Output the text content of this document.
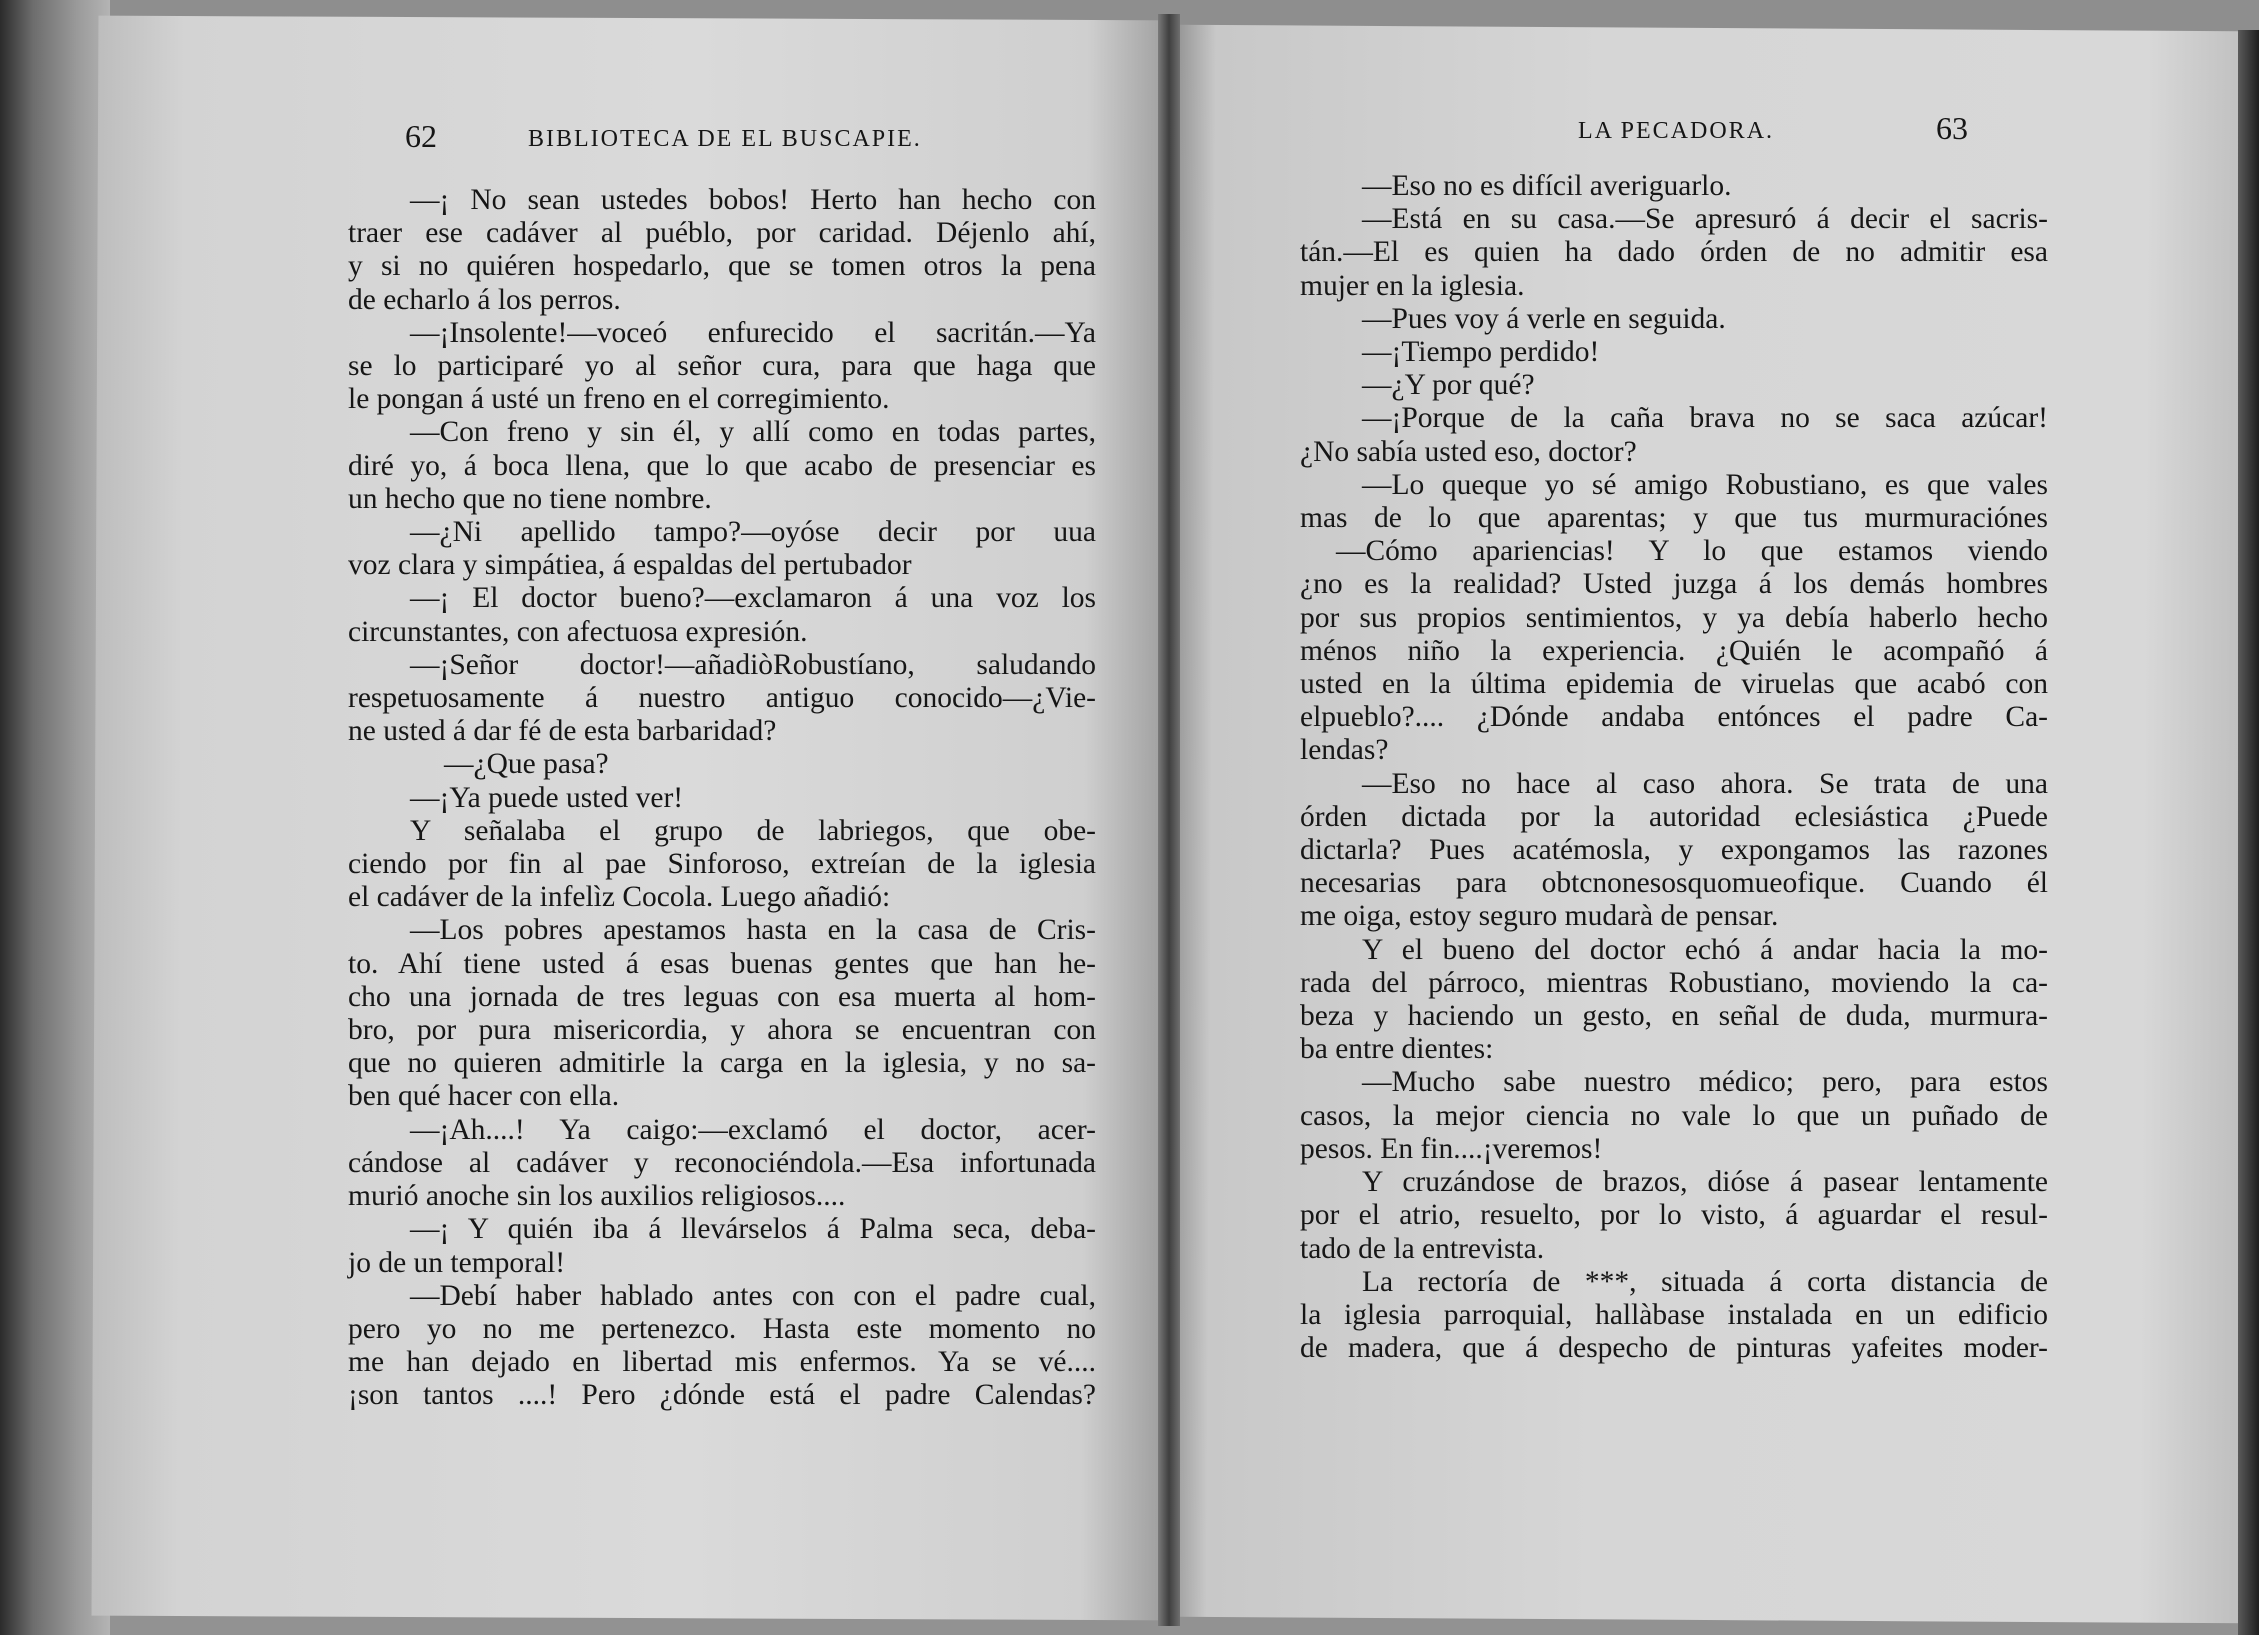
62	BIBLIOTECA DE EL BUSCAPIE.	LA PECADORA.	63
—¡ No sean ustedes bobos! Herto han hecho con
traer ese cadáver al puéblo, por caridad. Déjenlo ahí,
y si no quiéren hospedarlo, que se tomen otros la pena
de echarlo á los perros.
—¡Insolente!—voceó enfurecido el sacritán.—Ya
se lo participaré yo al señor cura, para que haga que
le pongan á usté un freno en el corregimiento.
—Con freno y sin él, y allí como en todas partes,
diré yo, á boca llena, que lo que acabo de presenciar es
un hecho que no tiene nombre.
—¿Ni apellido tampo?—oyóse decir por uua
voz clara y simpátiea, á espaldas del pertubador
—¡ El doctor bueno?—exclamaron á una voz los
circunstantes, con afectuosa expresión.
—¡Señor doctor!—añadiòRobustíano, saludando
respetuosamente á nuestro antiguo conocido—¿Vie-
ne usted á dar fé de esta barbaridad?
—¿Que pasa?
—¡Ya puede usted ver!
Y señalaba el grupo de labriegos, que obe-
ciendo por fin al pae Sinforoso, extreían de la iglesia
el cadáver de la infelìz Cocola. Luego añadió:
—Los pobres apestamos hasta en la casa de Cris-
to. Ahí tiene usted á esas buenas gentes que han he-
cho una jornada de tres leguas con esa muerta al hom-
bro, por pura misericordia, y ahora se encuentran con
que no quieren admitirle la carga en la iglesia, y no sa-
ben qué hacer con ella.
—¡Ah....! Ya caigo:—exclamó el doctor, acer-
cándose al cadáver y reconociéndola.—Esa infortunada
murió anoche sin los auxilios religiosos....
—¡ Y quién iba á llevárselos á Palma seca, deba-
jo de un temporal!
—Debí haber hablado antes con con el padre cual,
pero yo no me pertenezco. Hasta este momento no
me han dejado en libertad mis enfermos. Ya se vé....
¡son tantos ....! Pero ¿dónde está el padre Calendas?
—Eso no es difícil averiguarlo.
—Está en su casa.—Se apresuró á decir el sacris-
tán.—El es quien ha dado órden de no admitir esa
mujer en la iglesia.
—Pues voy á verle en seguida.
—¡Tiempo perdido!
—¿Y por qué?
—¡Porque de la caña brava no se saca azúcar!
¿No sabía usted eso, doctor?
—Lo queque yo sé amigo Robustiano, es que vales
mas de lo que aparentas; y que tus murmuraciónes
—Cómo apariencias! Y lo que estamos viendo
¿no es la realidad? Usted juzga á los demás hombres
por sus propios sentimientos, y ya debía haberlo hecho
ménos niño la experiencia. ¿Quién le acompañó á
usted en la última epidemia de viruelas que acabó con
elpueblo?.... ¿Dónde andaba entónces el padre Ca-
lendas?
—Eso no hace al caso ahora. Se trata de una
órden dictada por la autoridad eclesiástica ¿Puede
dictarla? Pues acatémosla, y expongamos las razones
necesarias para obtcnonesosquomueofique. Cuando él
me oiga, estoy seguro mudarà de pensar.
Y el bueno del doctor echó á andar hacia la mo-
rada del párroco, mientras Robustiano, moviendo la ca-
beza y haciendo un gesto, en señal de duda, murmura-
ba entre dientes:
—Mucho sabe nuestro médico; pero, para estos
casos, la mejor ciencia no vale lo que un puñado de
pesos. En fin....¡veremos!
Y cruzándose de brazos, dióse á pasear lentamente
por el atrio, resuelto, por lo visto, á aguardar el resul-
tado de la entrevista.
La rectoría de ***, situada á corta distancia de
la iglesia parroquial, hallàbase instalada en un edificio
de madera, que á despecho de pinturas yafeites moder-
